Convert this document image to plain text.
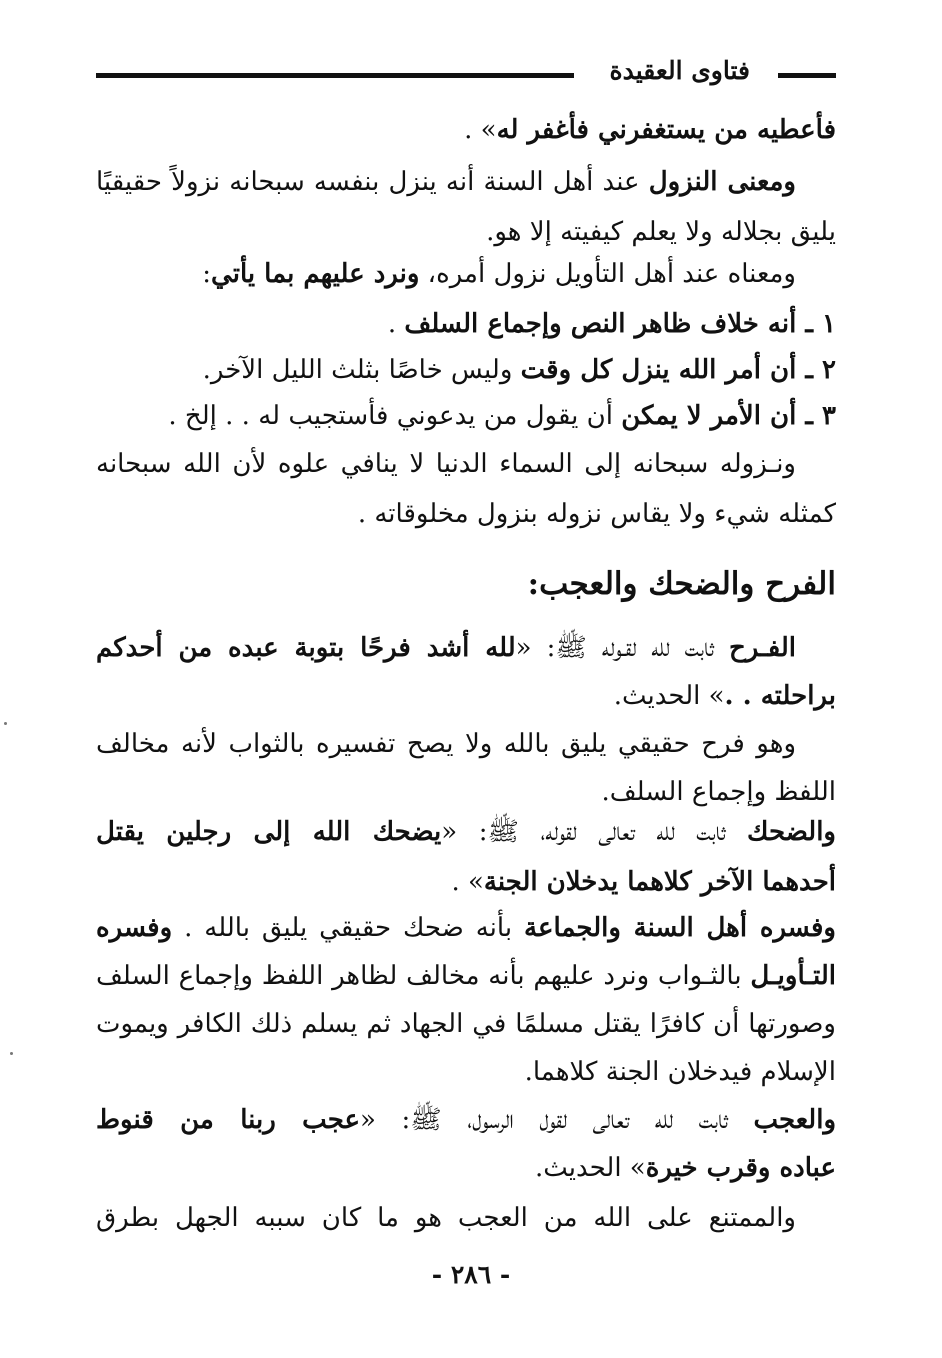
فتاوى العقيدة
فأعطيه من يستغفرني فأغفر له» .
ومعنى النزول عند أهل السنة أنه ينزل بنفسه سبحانه نزولاً حقيقيًا
يليق بجلاله ولا يعلم كيفيته إلا هو.
ومعناه عند أهل التأويل نزول أمره، ونرد عليهم بما يأتي:
١ ـ أنه خلاف ظاهر النص وإجماع السلف .
٢ ـ أن أمر الله ينزل كل وقت وليس خاصًا بثلث الليل الآخر.
٣ ـ أن الأمر لا يمكن أن يقول من يدعوني فأستجيب له . . إلخ .
ونـزوله سبحانه إلى السماء الدنيا لا ينافي علوه لأن الله سبحانه
كمثله شيء ولا يقاس نزوله بنزول مخلوقاته .
الفرح والضحك والعجب:
الفـرح ثابت لله لقـوله ﷺ: «لله أشد فرحًا بتوبة عبده من أحدكم
براحلته . .» الحديث.
وهو فرح حقيقي يليق بالله ولا يصح تفسيره بالثواب لأنه مخالف
اللفظ وإجماع السلف.
والضحك ثابت لله تعالى لقوله، ﷺ: «يضحك الله إلى رجلين يقتل
أحدهما الآخر كلاهما يدخلان الجنة» .
وفسره أهل السنة والجماعة بأنه ضحك حقيقي يليق بالله . وفسره
التـأويـل بالثـواب ونرد عليهم بأنه مخالف لظاهر اللفظ وإجماع السلف
وصورتها أن كافرًا يقتل مسلمًا في الجهاد ثم يسلم ذلك الكافر ويموت
الإسلام فيدخلان الجنة كلاهما.
والعجب ثابت لله تعالى لقول الرسول، ﷺ: «عجب ربنا من قنوط
عباده وقرب خيرة» الحديث.
والممتنع على الله من العجب هو ما كان سببه الجهل بطرق
- ٢٨٦ -
